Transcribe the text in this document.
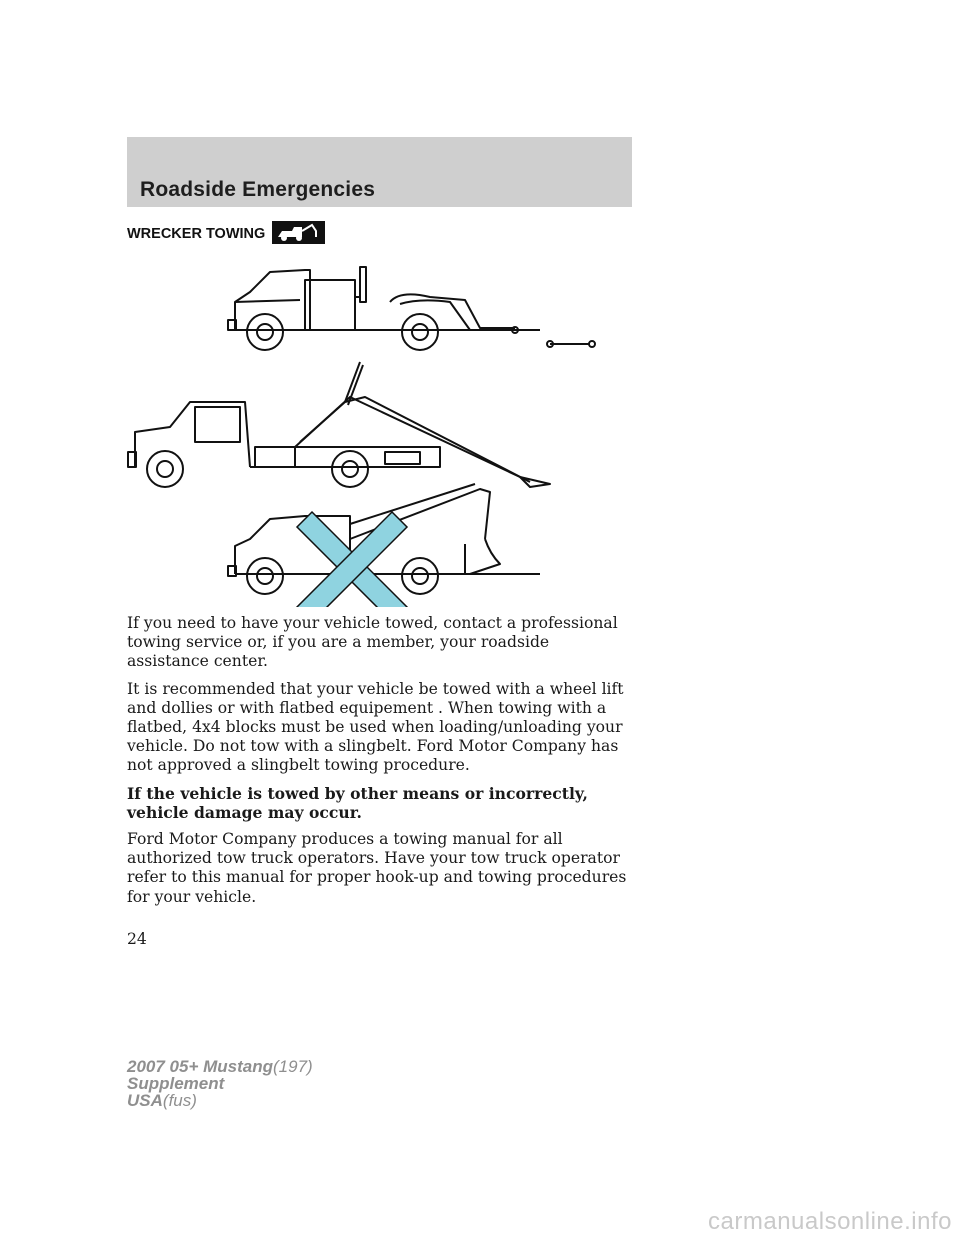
Roadside Emergencies
WRECKER TOWING

If you need to have your vehicle towed, contact a professional towing service or, if you are a member, your roadside assistance center.

It is recommended that your vehicle be towed with a wheel lift and dollies or with flatbed equipement . When towing with a flatbed, 4x4 blocks must be used when loading/unloading your vehicle. Do not tow with a slingbelt. Ford Motor Company has not approved a slingbelt towing procedure.

If the vehicle is towed by other means or incorrectly, vehicle damage may occur.

Ford Motor Company produces a towing manual for all authorized tow truck operators. Have your tow truck operator refer to this manual for proper hook-up and towing procedures for your vehicle.

24
2007 05+ Mustang(197)
Supplement
USA(fus)
carmanualsonline.info
